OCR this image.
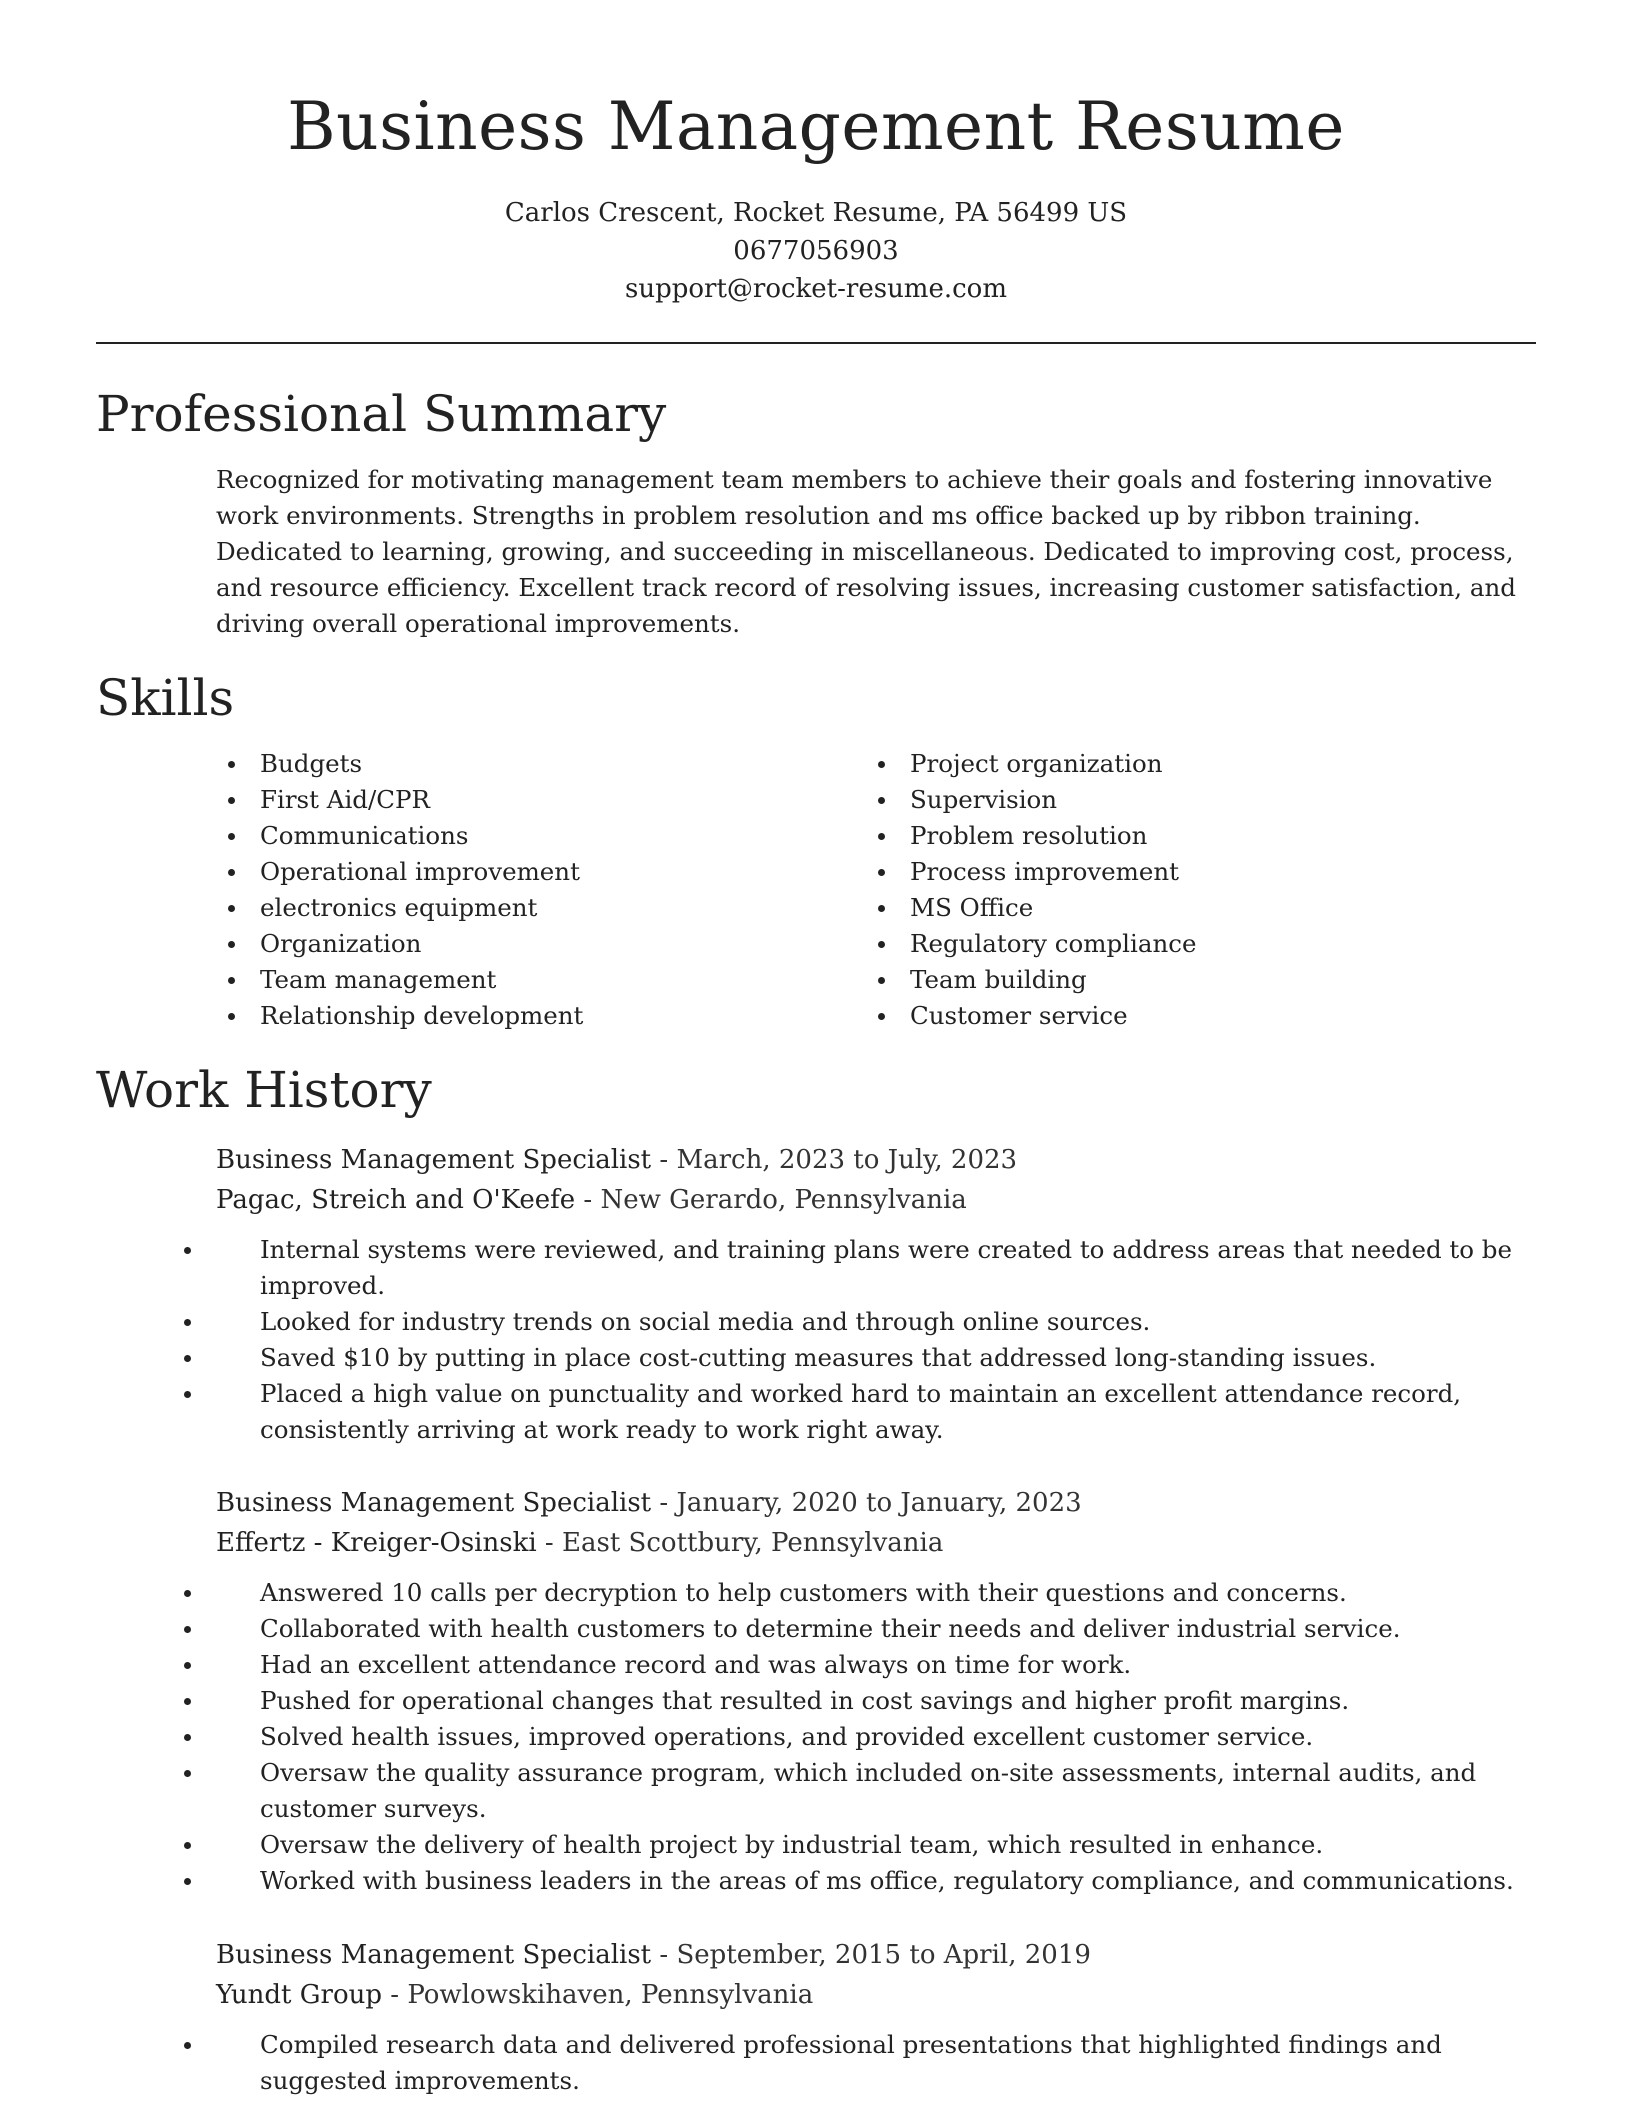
Business Management Resume
Carlos Crescent, Rocket Resume, PA 56499 US
0677056903
support@rocket-resume.com
Professional Summary

Recognized for motivating management team members to achieve their goals and fostering innovative work environments. Strengths in problem resolution and ms office backed up by ribbon training. Dedicated to learning, growing, and succeeding in miscellaneous. Dedicated to improving cost, process, and resource efficiency. Excellent track record of resolving issues, increasing customer satisfaction, and driving overall operational improvements.

Skills
Budgets
First Aid/CPR
Communications
Operational improvement
electronics equipment
Organization
Team management
Relationship development
Project organization
Supervision
Problem resolution
Process improvement
MS Office
Regulatory compliance
Team building
Customer service
Work History
Business Management Specialist - March, 2023 to July, 2023
Pagac, Streich and O'Keefe - New Gerardo, Pennsylvania
Internal systems were reviewed, and training plans were created to address areas that needed to be improved.
Looked for industry trends on social media and through online sources.
Saved $10 by putting in place cost-cutting measures that addressed long-standing issues.
Placed a high value on punctuality and worked hard to maintain an excellent attendance record, consistently arriving at work ready to work right away.
Business Management Specialist - January, 2020 to January, 2023
Effertz - Kreiger-Osinski - East Scottbury, Pennsylvania
Answered 10 calls per decryption to help customers with their questions and concerns.
Collaborated with health customers to determine their needs and deliver industrial service.
Had an excellent attendance record and was always on time for work.
Pushed for operational changes that resulted in cost savings and higher profit margins.
Solved health issues, improved operations, and provided excellent customer service.
Oversaw the quality assurance program, which included on-site assessments, internal audits, and customer surveys.
Oversaw the delivery of health project by industrial team, which resulted in enhance.
Worked with business leaders in the areas of ms office, regulatory compliance, and communications.
Business Management Specialist - September, 2015 to April, 2019
Yundt Group - Powlowskihaven, Pennsylvania
Compiled research data and delivered professional presentations that highlighted findings and suggested improvements.
